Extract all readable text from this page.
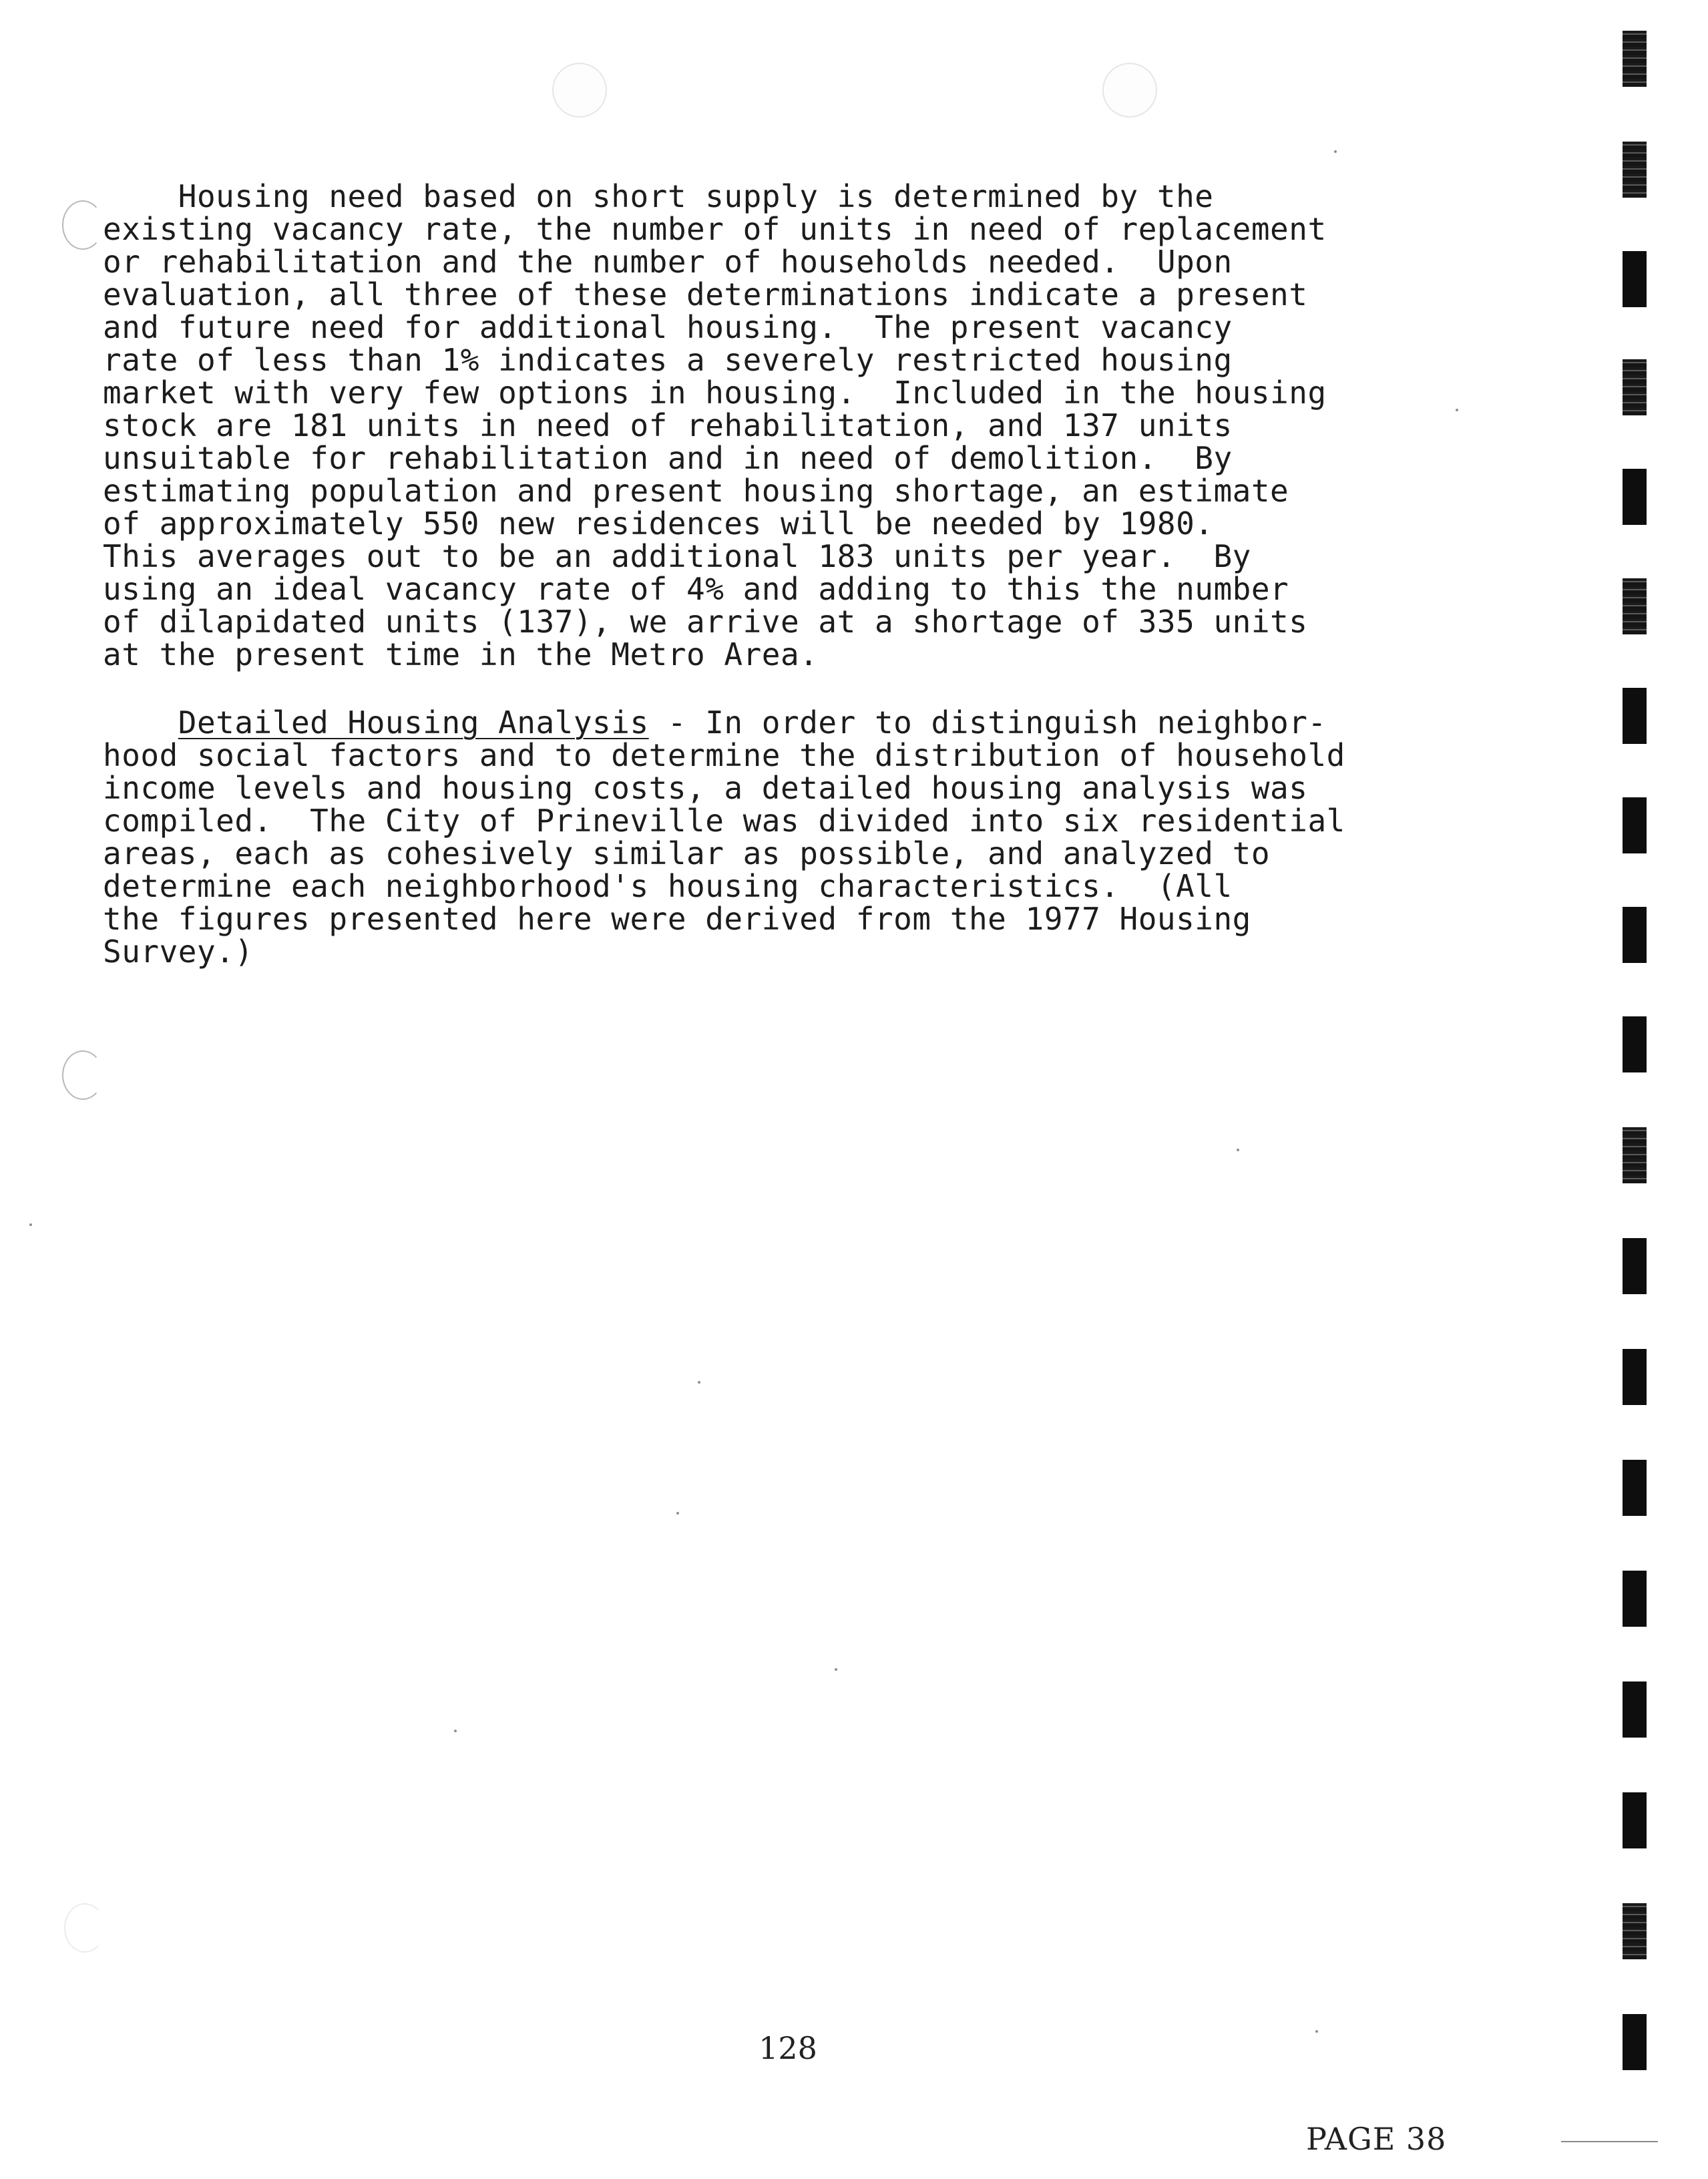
Housing need based on short supply is determined by the
existing vacancy rate, the number of units in need of replacement
or rehabilitation and the number of households needed.  Upon
evaluation, all three of these determinations indicate a present
and future need for additional housing.  The present vacancy
rate of less than 1% indicates a severely restricted housing
market with very few options in housing.  Included in the housing
stock are 181 units in need of rehabilitation, and 137 units
unsuitable for rehabilitation and in need of demolition.  By
estimating population and present housing shortage, an estimate
of approximately 550 new residences will be needed by 1980.
This averages out to be an additional 183 units per year.  By
using an ideal vacancy rate of 4% and adding to this the number
of dilapidated units (137), we arrive at a shortage of 335 units
at the present time in the Metro Area.
Detailed Housing Analysis - In order to distinguish neighbor-
hood social factors and to determine the distribution of household
income levels and housing costs, a detailed housing analysis was
compiled.  The City of Prineville was divided into six residential
areas, each as cohesively similar as possible, and analyzed to
determine each neighborhood's housing characteristics.  (All
the figures presented here were derived from the 1977 Housing
Survey.)
128
PAGE 38
